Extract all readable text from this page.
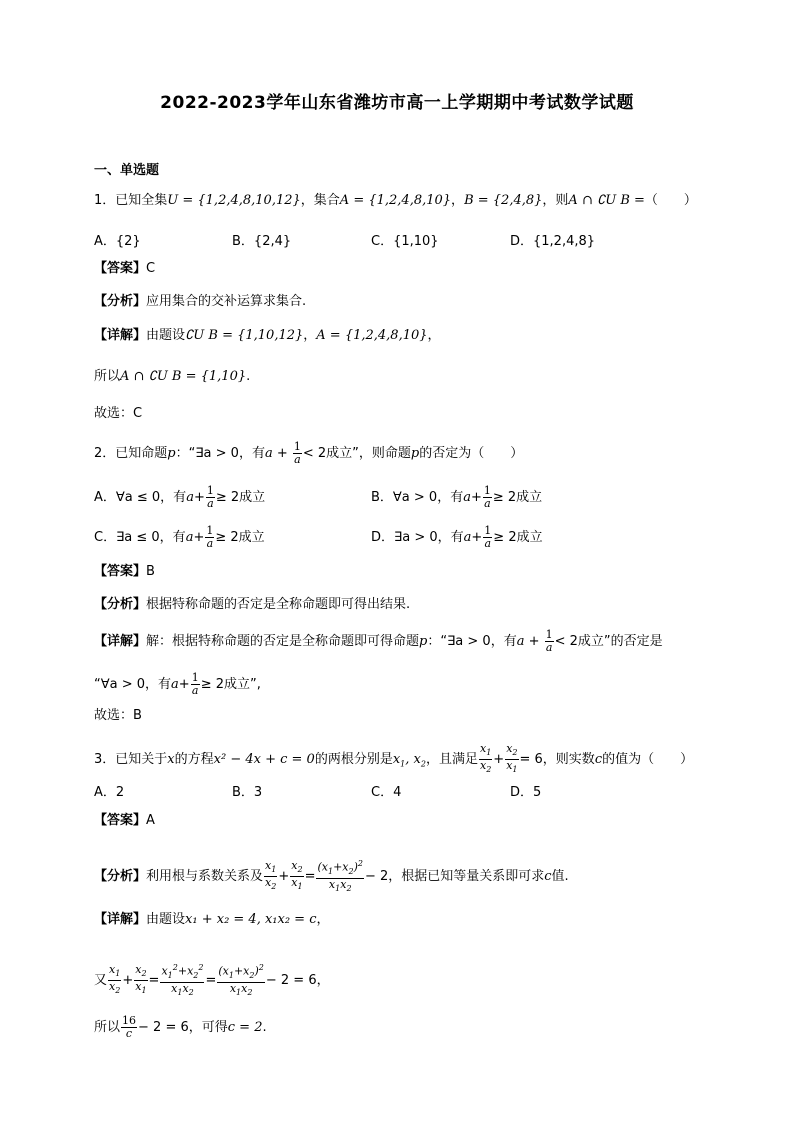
2022-2023学年山东省潍坊市高一上学期期中考试数学试题
一、单选题
1．已知全集U = {1,2,4,8,10,12}，集合A = {1,2,4,8,10}，B = {2,4,8}，则A ∩ ∁U B =（　　）
A．{2}	B．{2,4}	C．{1,10}	D．{1,2,4,8}
【答案】C
【分析】应用集合的交补运算求集合.
【详解】由题设∁U B = {1,10,12}，A = {1,2,4,8,10}，
所以A ∩ ∁U B = {1,10}.
故选：C
2．已知命题p：“∃a > 0，有$a + \frac{1}{a} < 2$成立”，则命题p的否定为（　　）
A．∀a ≤ 0，有$a+ \frac{1}{a} \ge 2$成立	B．∀a > 0，有$a+ \frac{1}{a} \ge 2$成立
C．∃a ≤ 0，有$a+ \frac{1}{a} \ge 2$成立	D．∃a > 0，有$a+ \frac{1}{a} \ge 2$成立
【答案】B
【分析】根据特称命题的否定是全称命题即可得出结果.
【详解】解：根据特称命题的否定是全称命题即可得命题p：“∃a > 0，有$a + \frac{1}{a} < 2$成立”的否定是
“∀a > 0，有$a+ \frac{1}{a} \ge 2$成立”,
故选：B
3．已知关于x的方程x² − 4x + c = 0的两根分别是$x_1$, $x_2$，且满足 $\frac{x_1}{x_2} + \frac{x_2}{x_1} = 6$，则实数c的值为（　　）
A．2	B．3	C．4	D．5
【答案】A
【分析】利用根与系数关系及 $\frac{x_1}{x_2} + \frac{x_2}{x_1} = \frac{(x_1+x_2)^2}{x_1x_2} - 2$，根据已知等量关系即可求c值.
【详解】由题设x₁ + x₂ = 4, x₁x₂ = c，
又 $\frac{x_1}{x_2} + \frac{x_2}{x_1} = \frac{x_1^2+x_2^2}{x_1x_2} = \frac{(x_1+x_2)^2}{x_1x_2} - 2 = 6$，
所以 $\frac{16}{c} - 2 = 6$，可得c = 2.
